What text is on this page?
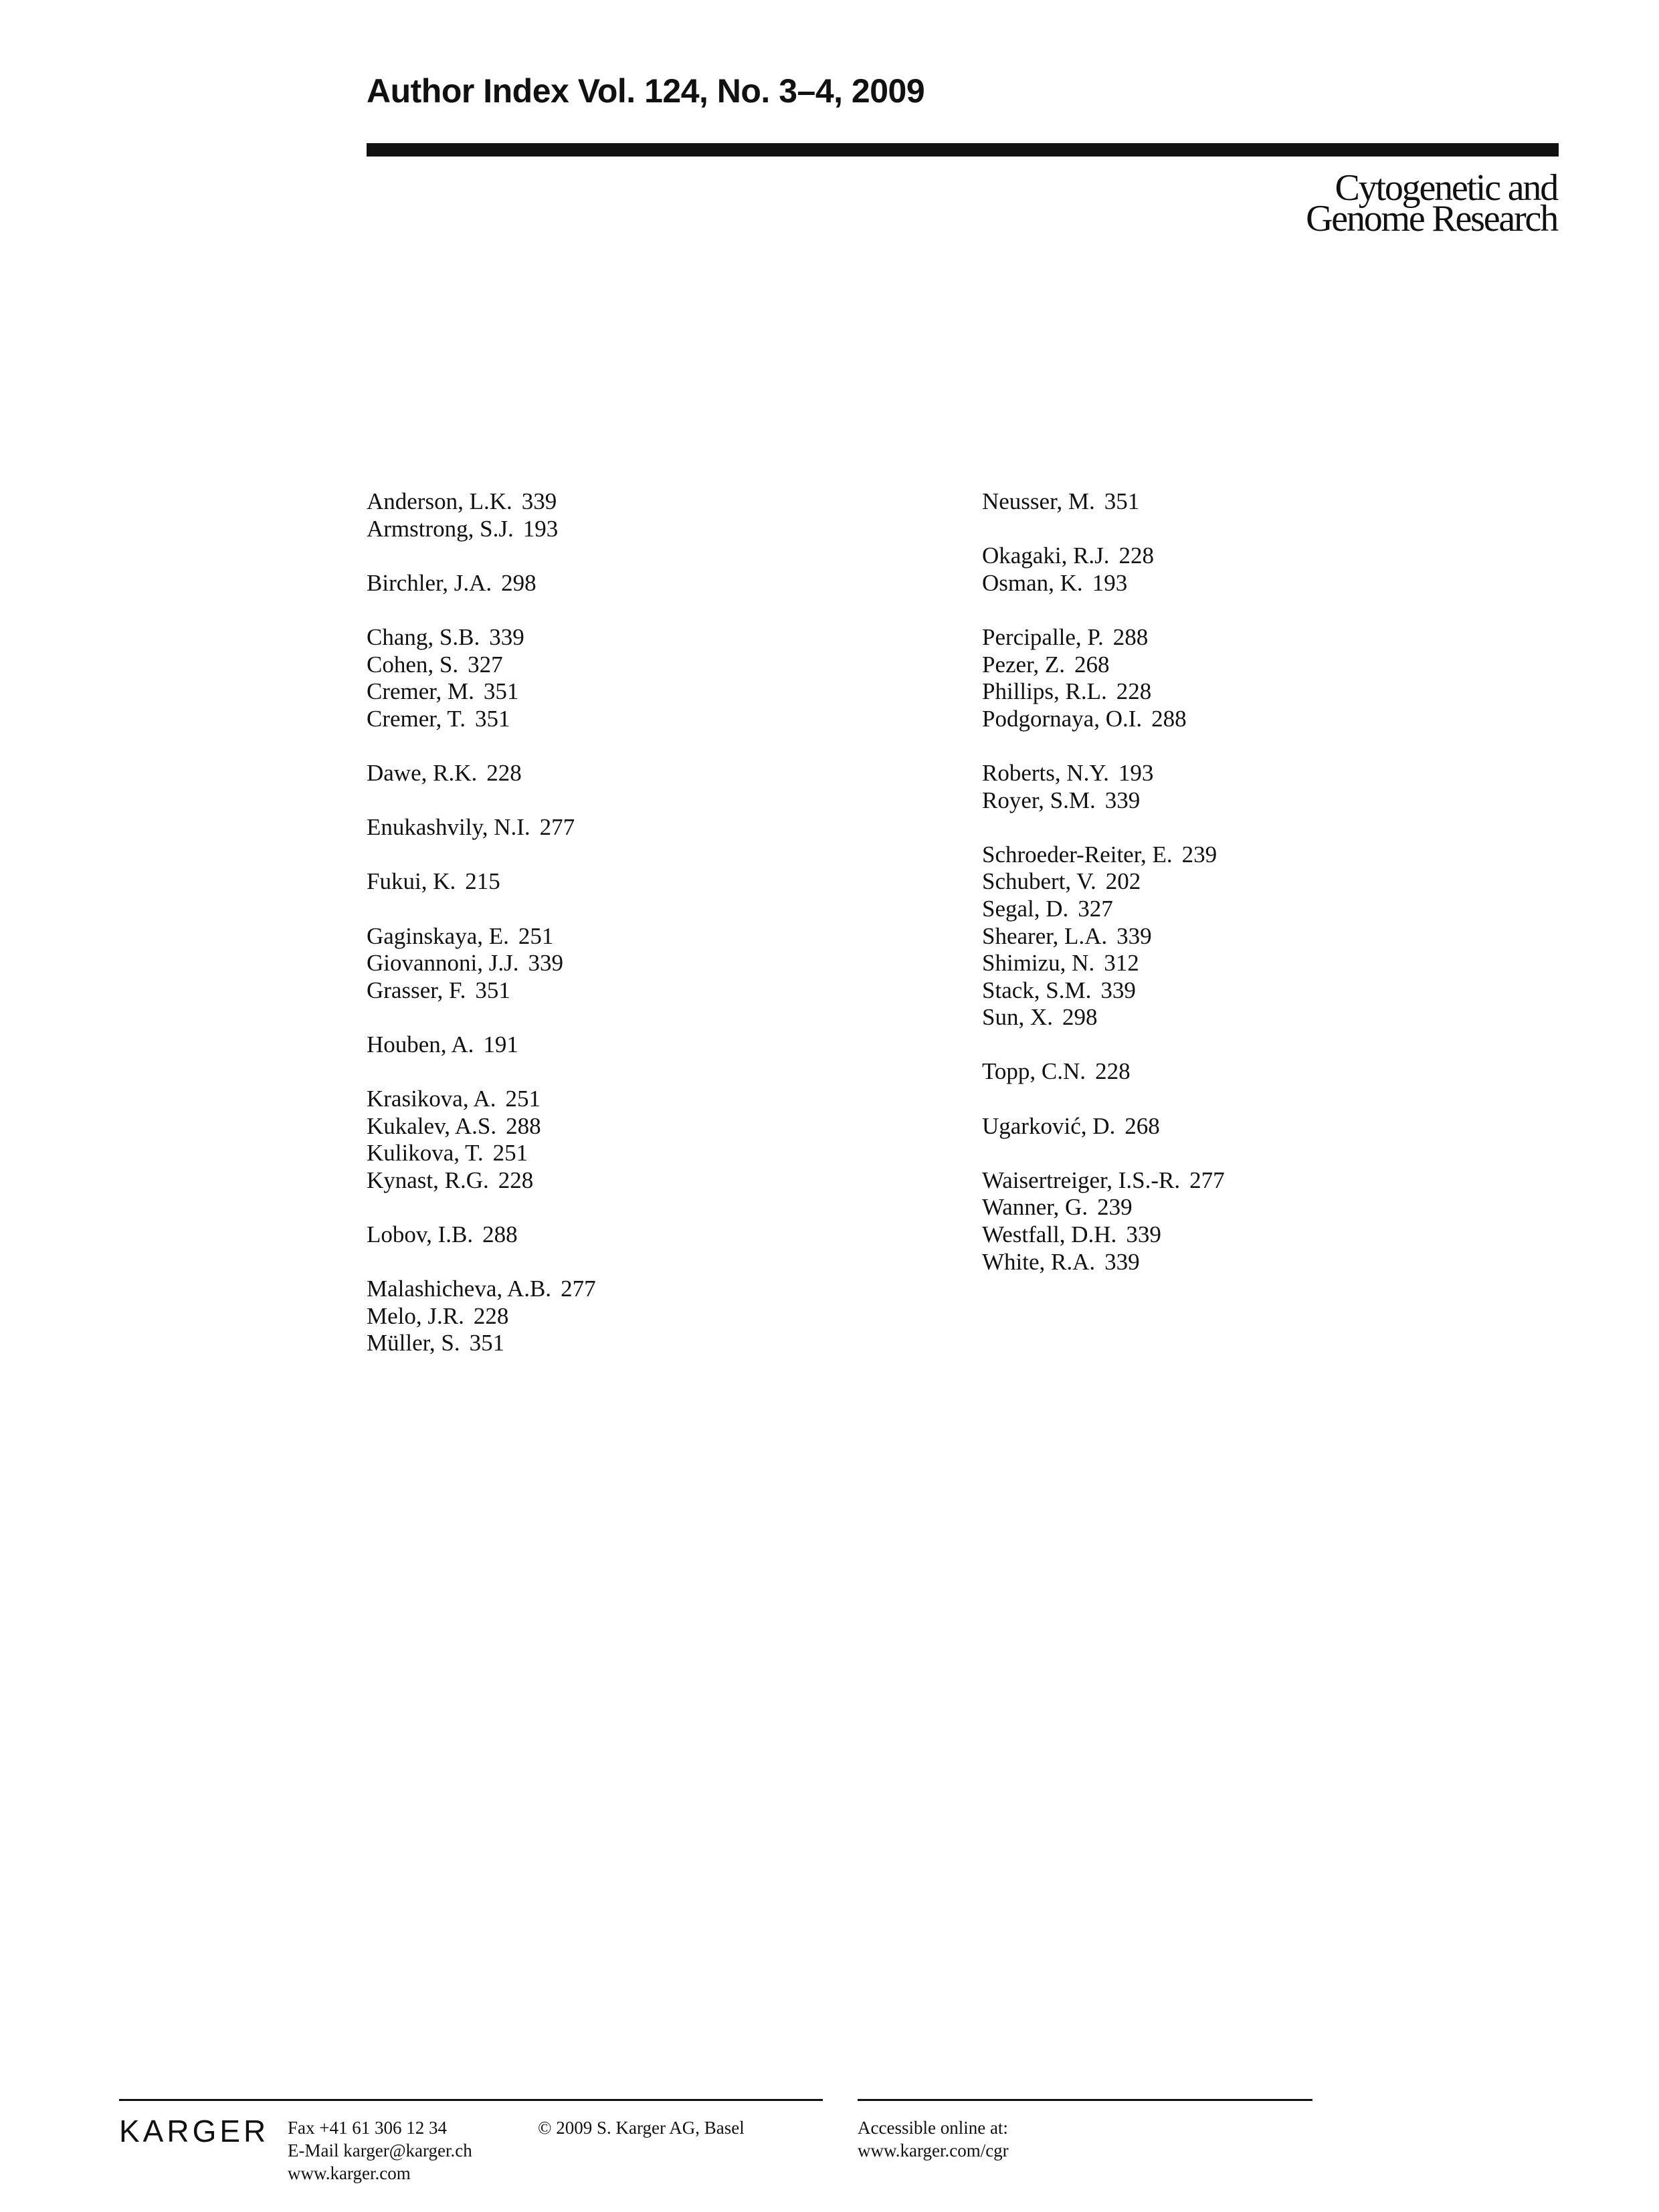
Author Index Vol. 124, No. 3–4, 2009
Cytogenetic and
Genome Research
Anderson, L.K. 339
Armstrong, S.J. 193
Birchler, J.A. 298
Chang, S.B. 339
Cohen, S. 327
Cremer, M. 351
Cremer, T. 351
Dawe, R.K. 228
Enukashvily, N.I. 277
Fukui, K. 215
Gaginskaya, E. 251
Giovannoni, J.J. 339
Grasser, F. 351
Houben, A. 191
Krasikova, A. 251
Kukalev, A.S. 288
Kulikova, T. 251
Kynast, R.G. 228
Lobov, I.B. 288
Malashicheva, A.B. 277
Melo, J.R. 228
Müller, S. 351
Neusser, M. 351
Okagaki, R.J. 228
Osman, K. 193
Percipalle, P. 288
Pezer, Z. 268
Phillips, R.L. 228
Podgornaya, O.I. 288
Roberts, N.Y. 193
Royer, S.M. 339
Schroeder-Reiter, E. 239
Schubert, V. 202
Segal, D. 327
Shearer, L.A. 339
Shimizu, N. 312
Stack, S.M. 339
Sun, X. 298
Topp, C.N. 228
Ugarković, D. 268
Waisertreiger, I.S.-R. 277
Wanner, G. 239
Westfall, D.H. 339
White, R.A. 339
KARGER Fax +41 61 306 12 34
E-Mail karger@karger.ch
www.karger.com
© 2009 S. Karger AG, Basel	Accessible online at:
www.karger.com/cgr
